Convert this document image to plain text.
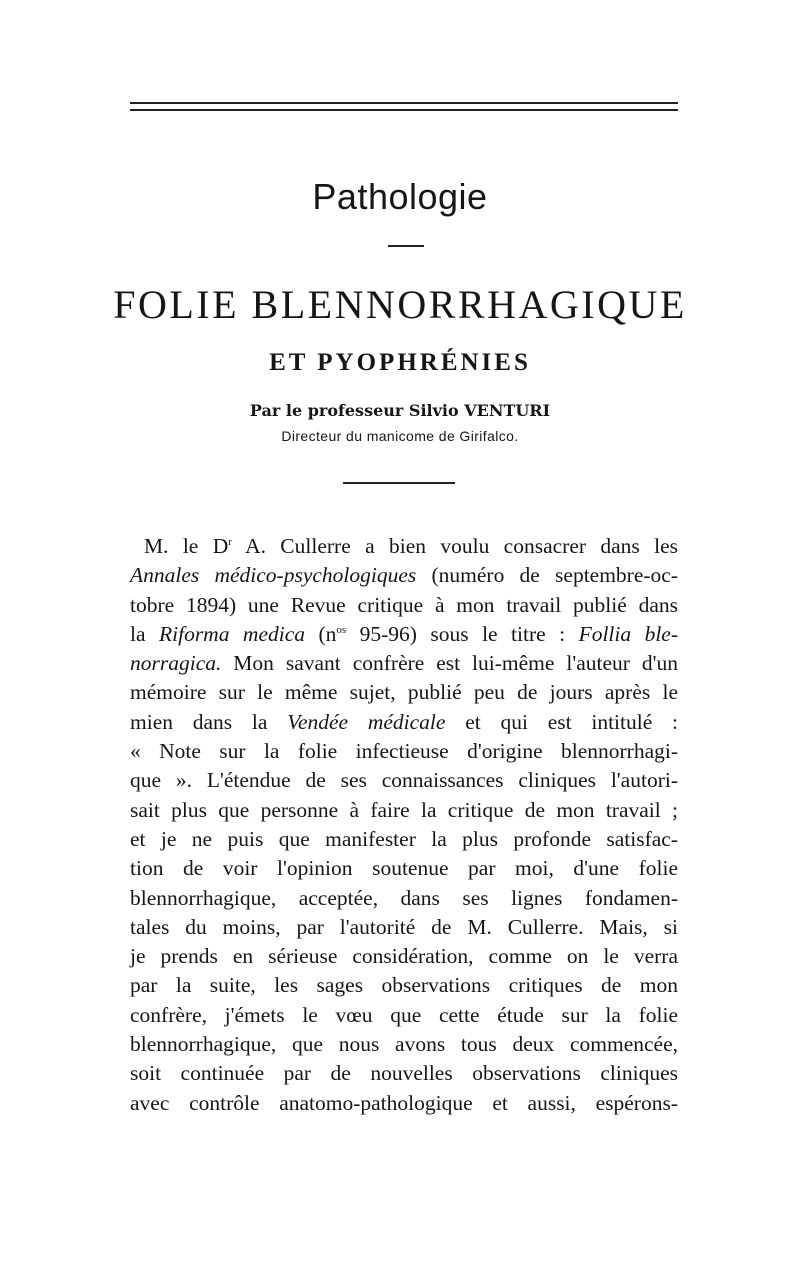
Pathologie
FOLIE BLENNORRHAGIQUE
ET PYOPHRÉNIES

Par le professeur Silvio VENTURI

Directeur du manicome de Girifalco.

M. le $D^r$ A. Cullerre a bien voulu consacrer dans les
Annales médico-psychologiques (numéro de septembre-oc-
tobre 1894) une Revue critique à mon travail publié dans
la Riforma medica ($n^{os}$ 95-96) sous le titre : Follia ble-
norragica. Mon savant confrère est lui-même l'auteur d'un
mémoire sur le même sujet, publié peu de jours après le
mien dans la Vendée médicale et qui est intitulé :
« Note sur la folie infectieuse d'origine blennorrhagi-
que ». L'étendue de ses connaissances cliniques l'autori-
sait plus que personne à faire la critique de mon travail ;
et je ne puis que manifester la plus profonde satisfac-
tion de voir l'opinion soutenue par moi, d'une folie
blennorrhagique, acceptée, dans ses lignes fondamen-
tales du moins, par l'autorité de M. Cullerre. Mais, si
je prends en sérieuse considération, comme on le verra
par la suite, les sages observations critiques de mon
confrère, j'émets le vœu que cette étude sur la folie
blennorrhagique, que nous avons tous deux commencée,
soit continuée par de nouvelles observations cliniques
avec contrôle anatomo-pathologique et aussi, espérons-
